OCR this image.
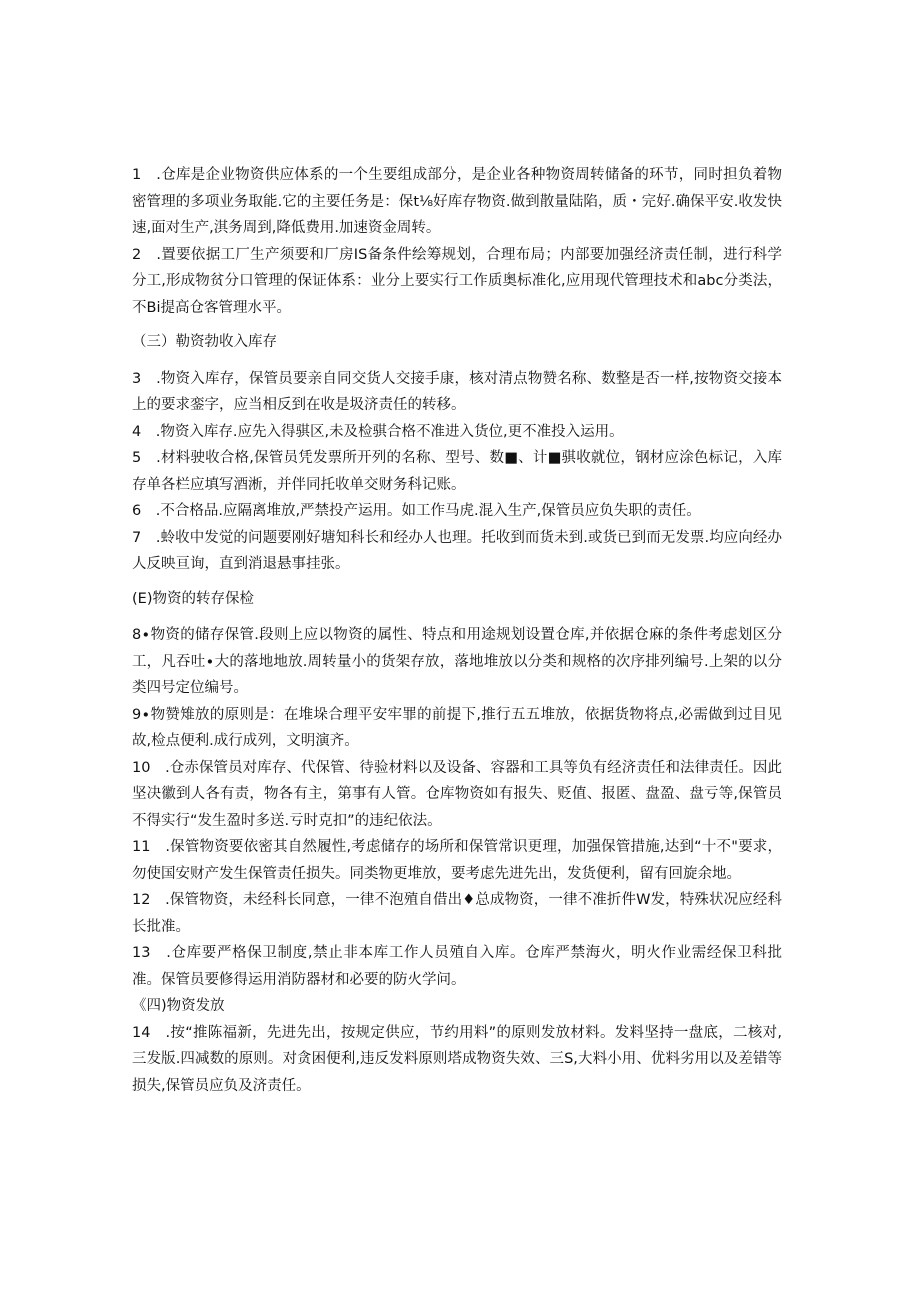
1　.仓库是企业物资供应体系的一个生要组成部分，是企业各种物资周转储备的环节，同时担负着物密管理的多项业务取能.它的主要任务是：保t⅛好库存物资.做到散量陆陷，质・完好.确保平安.收发快速,面对生产,淇务周到,降低费用.加速资金周转。

2　.置要依据工厂生产须要和厂房IS备条件绘筹规划，合理布局；内部要加强经济责任制，进行科学分工,形成物贫分口管理的保证体系：业分上要实行工作质奥标准化,应用现代管理技术和abc分类法，不Bi提高仓客管理水平。

（三）勒资勃收入库存

3　.物资入库存，保管员要亲自同交货人交接手康，核对清点物赞名称、数整是否一样,按物资交接本上的要求銮字，应当相反到在收是圾济责任的转移。

4　.物资入库存.应先入得骐区,未及检骐合格不准进入货位,更不准投入运用。

5　.材料驶收合格,保管员凭发票所开列的名称、型号、数■、计■骐收就位，钢材应涂色标记，入库存单各栏应填写酒淅，并伴同托收单交财务科记账。

6　.不合格品.应隔离堆放,严禁投产运用。如工作马虎.混入生产,保管员应负失职的责任。

7　.蛉收中发觉的问题要刚好塘知科长和经办人也理。托收到而货未到.或货已到而无发票.均应向经办人反映亘询，直到消退悬事挂张。

(E)物资的转存保检

8∙物资的储存保管.段则上应以物资的属性、特点和用途规划设置仓库,并依据仓麻的条件考虑划区分工，凡吞吐∙大的落地地放.周转量小的货架存放，落地堆放以分类和规格的次序排列编号.上架的以分类四号定位编号。

9∙物赞雉放的原则是：在堆垛合理平安牢罪的前提下,推行五五堆放，依据货物将点,必需做到过目见故,检点便利.成行成列，文明演齐。

10　.仓赤保管员对库存、代保管、待验材料以及设备、容器和工具等负有经济责任和法律责任。因此坚决徽到人各有责，物各有主，第事有人管。仓库物资如有报失、贬值、报匿、盘盈、盘亏等,保管员不得实行“发生盈时多送.亏时克扣”的违纪依法。

11　.保管物资要依密其自然履性,考虑储存的场所和保管常识更理，加强保管措施,达到“十不"要求，勿使国安财产发生保管责任损失。同类物更堆放，要考虑先进先出，发货便利，留有回旋余地。

12　.保管物资，未经科长同意，一律不泡殖自借出♦总成物资，一律不准折件W发，特殊状况应经科长批准。

13　.仓库要严格保卫制度,禁止非本库工作人员殖自入库。仓库严禁海火，明火作业需经保卫科批准。保管员要修得运用消防器材和必要的防火学问。

《四)物资发放

14　.按“推陈福新，先进先出，按规定供应，节约用料”的原则发放材料。发料坚持一盘底，二核对,三发版.四减数的原则。对贪困便利,违反发料原则塔成物资失效、三S,大料小用、优料劣用以及差错等损失,保管员应负及济责任。
